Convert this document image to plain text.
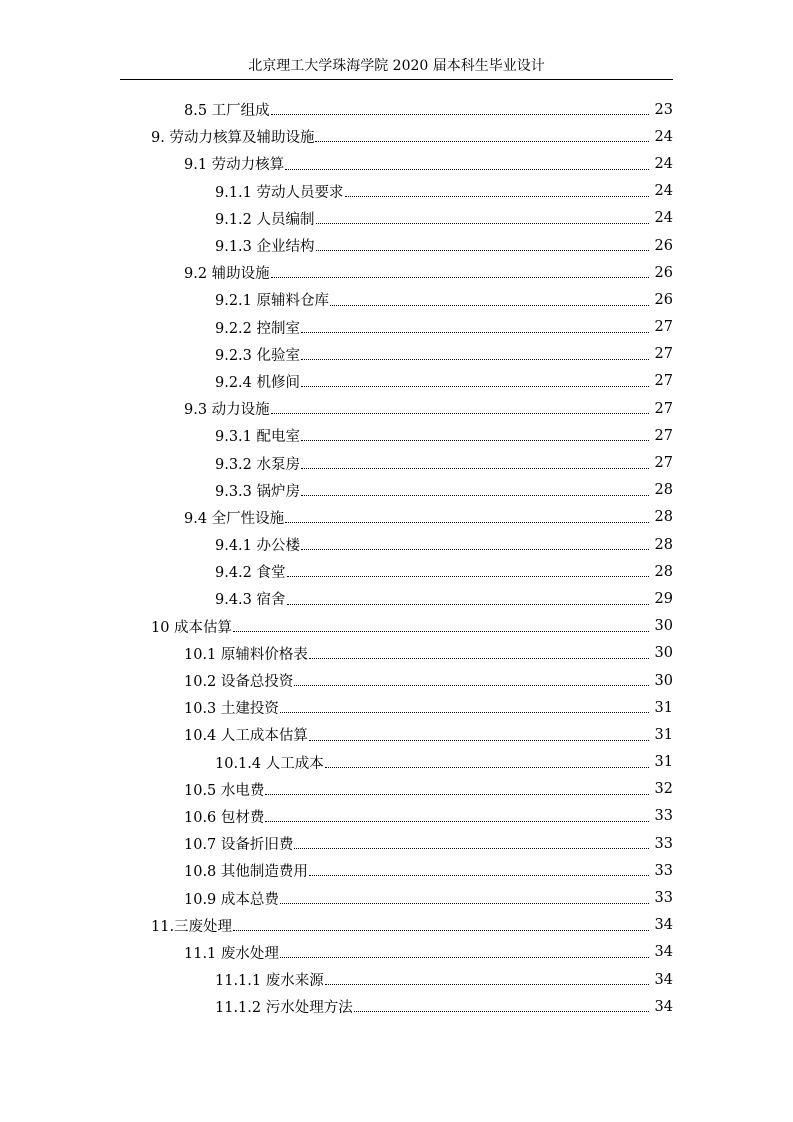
北京理工大学珠海学院 2020 届本科生毕业设计
8.5 工厂组成	23
9. 劳动力核算及辅助设施	24
9.1 劳动力核算	24
9.1.1 劳动人员要求	24
9.1.2 人员编制	24
9.1.3 企业结构	26
9.2 辅助设施	26
9.2.1 原辅料仓库	26
9.2.2 控制室	27
9.2.3 化验室	27
9.2.4 机修间	27
9.3 动力设施	27
9.3.1 配电室	27
9.3.2 水泵房	27
9.3.3 锅炉房	28
9.4 全厂性设施	28
9.4.1 办公楼	28
9.4.2 食堂	28
9.4.3 宿舍	29
10 成本估算	30
10.1 原辅料价格表	30
10.2 设备总投资	30
10.3 土建投资	31
10.4 人工成本估算	31
10.1.4 人工成本	31
10.5 水电费	32
10.6 包材费	33
10.7 设备折旧费	33
10.8 其他制造费用	33
10.9 成本总费	33
11.三废处理	34
11.1 废水处理	34
11.1.1 废水来源	34
11.1.2 污水处理方法	34
